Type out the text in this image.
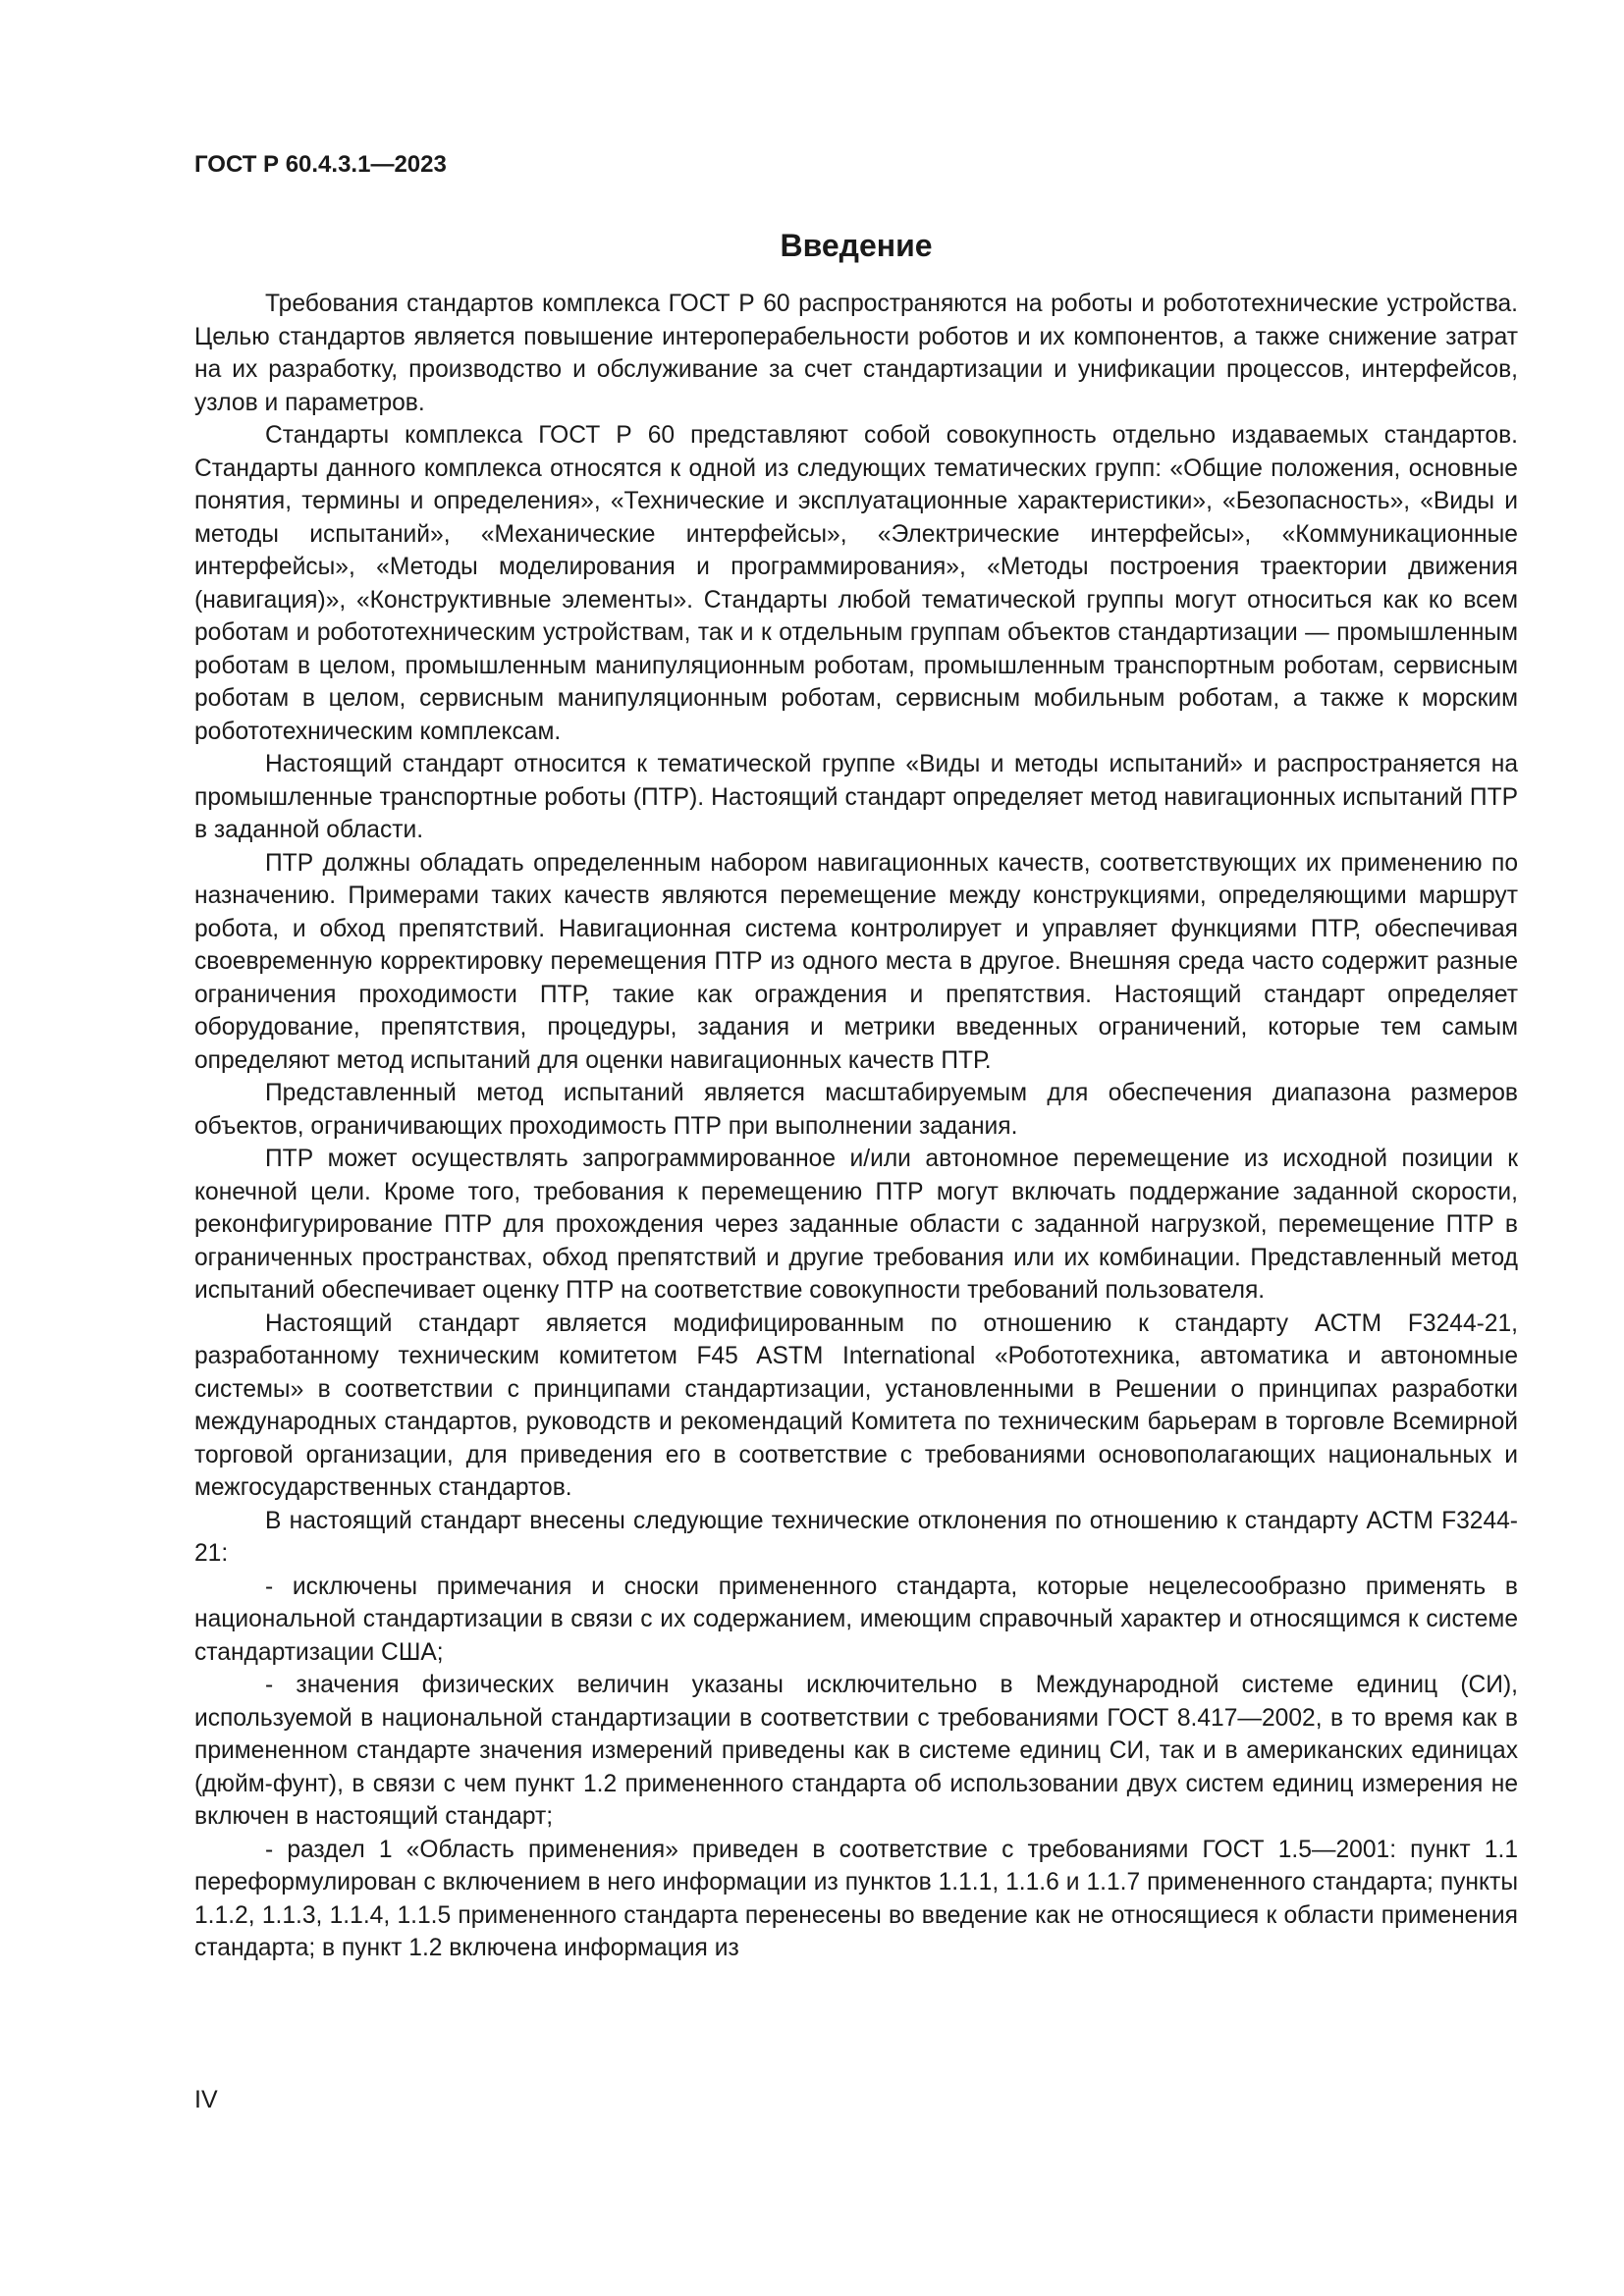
ГОСТ Р 60.4.3.1—2023
Введение

Требования стандартов комплекса ГОСТ Р 60 распространяются на роботы и робототехнические устройства. Целью стандартов является повышение интероперабельности роботов и их компонентов, а также снижение затрат на их разработку, производство и обслуживание за счет стандартизации и унификации процессов, интерфейсов, узлов и параметров.

Стандарты комплекса ГОСТ Р 60 представляют собой совокупность отдельно издаваемых стандартов. Стандарты данного комплекса относятся к одной из следующих тематических групп: «Общие положения, основные понятия, термины и определения», «Технические и эксплуатационные характеристики», «Безопасность», «Виды и методы испытаний», «Механические интерфейсы», «Электрические интерфейсы», «Коммуникационные интерфейсы», «Методы моделирования и программирования», «Методы построения траектории движения (навигация)», «Конструктивные элементы». Стандарты любой тематической группы могут относиться как ко всем роботам и робототехническим устройствам, так и к отдельным группам объектов стандартизации — промышленным роботам в целом, промышленным манипуляционным роботам, промышленным транспортным роботам, сервисным роботам в целом, сервисным манипуляционным роботам, сервисным мобильным роботам, а также к морским робототехническим комплексам.

Настоящий стандарт относится к тематической группе «Виды и методы испытаний» и распространяется на промышленные транспортные роботы (ПТР). Настоящий стандарт определяет метод навигационных испытаний ПТР в заданной области.

ПТР должны обладать определенным набором навигационных качеств, соответствующих их применению по назначению. Примерами таких качеств являются перемещение между конструкциями, определяющими маршрут робота, и обход препятствий. Навигационная система контролирует и управляет функциями ПТР, обеспечивая своевременную корректировку перемещения ПТР из одного места в другое. Внешняя среда часто содержит разные ограничения проходимости ПТР, такие как ограждения и препятствия. Настоящий стандарт определяет оборудование, препятствия, процедуры, задания и метрики введенных ограничений, которые тем самым определяют метод испытаний для оценки навигационных качеств ПТР.

Представленный метод испытаний является масштабируемым для обеспечения диапазона размеров объектов, ограничивающих проходимость ПТР при выполнении задания.

ПТР может осуществлять запрограммированное и/или автономное перемещение из исходной позиции к конечной цели. Кроме того, требования к перемещению ПТР могут включать поддержание заданной скорости, реконфигурирование ПТР для прохождения через заданные области с заданной нагрузкой, перемещение ПТР в ограниченных пространствах, обход препятствий и другие требования или их комбинации. Представленный метод испытаний обеспечивает оценку ПТР на соответствие совокупности требований пользователя.

Настоящий стандарт является модифицированным по отношению к стандарту АСТМ F3244-21, разработанному техническим комитетом F45 ASTM International «Робототехника, автоматика и автономные системы» в соответствии с принципами стандартизации, установленными в Решении о принципах разработки международных стандартов, руководств и рекомендаций Комитета по техническим барьерам в торговле Всемирной торговой организации, для приведения его в соответствие с требованиями основополагающих национальных и межгосударственных стандартов.

В настоящий стандарт внесены следующие технические отклонения по отношению к стандарту АСТМ F3244-21:

- исключены примечания и сноски примененного стандарта, которые нецелесообразно применять в национальной стандартизации в связи с их содержанием, имеющим справочный характер и относящимся к системе стандартизации США;

- значения физических величин указаны исключительно в Международной системе единиц (СИ), используемой в национальной стандартизации в соответствии с требованиями ГОСТ 8.417—2002, в то время как в примененном стандарте значения измерений приведены как в системе единиц СИ, так и в американских единицах (дюйм-фунт), в связи с чем пункт 1.2 примененного стандарта об использовании двух систем единиц измерения не включен в настоящий стандарт;

- раздел 1 «Область применения» приведен в соответствие с требованиями ГОСТ 1.5—2001: пункт 1.1 переформулирован с включением в него информации из пунктов 1.1.1, 1.1.6 и 1.1.7 примененного стандарта; пункты 1.1.2, 1.1.3, 1.1.4, 1.1.5 примененного стандарта перенесены во введение как не относящиеся к области применения стандарта; в пункт 1.2 включена информация из

IV
